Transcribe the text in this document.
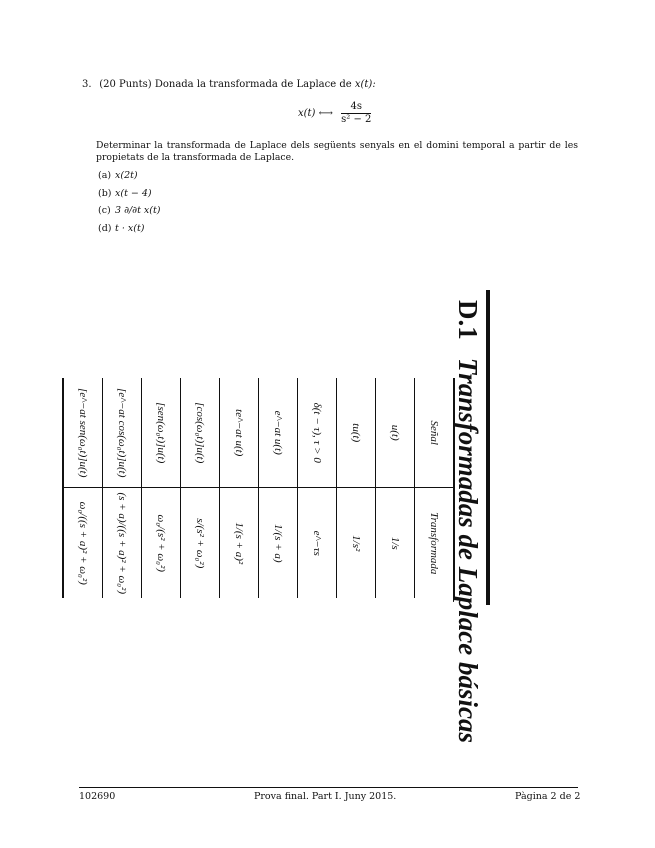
3. (20 Punts) Donada la transformada de Laplace de x(t):
x(t) ⟷ $\frac{4s}{\text{s² − 2}}$
Determinar la transformada de Laplace dels següents senyals en el domini temporal a partir de les propietats de la transformada de Laplace.
(a) x(2t)
(b) x(t − 4)
(c) 3 ∂/∂t x(t)
(d) t · x(t)
D.1Transformadas de Laplace básicas
Señal	Transformada
u(t)	1/s
tu(t)	1/s²
δ(t − τ), τ > 0	e^−τs
e^−at u(t)	1/(s + a)
te^−at u(t)	1/(s + a)²
[cos(ω₀t)]u(t)	s/(s² + ω₀²)
[sen(ω₀t)]u(t)	ω₀/(s² + ω₀²)
[e^−at cos(ω₀t)]u(t)	(s + a)/((s + a)² + ω₀²)
[e^−at sen(ω₀t)]u(t)	ω₀/((s + a)² + ω₀²)
102690	Prova final. Part I. Juny 2015.	Pàgina 2 de 2
